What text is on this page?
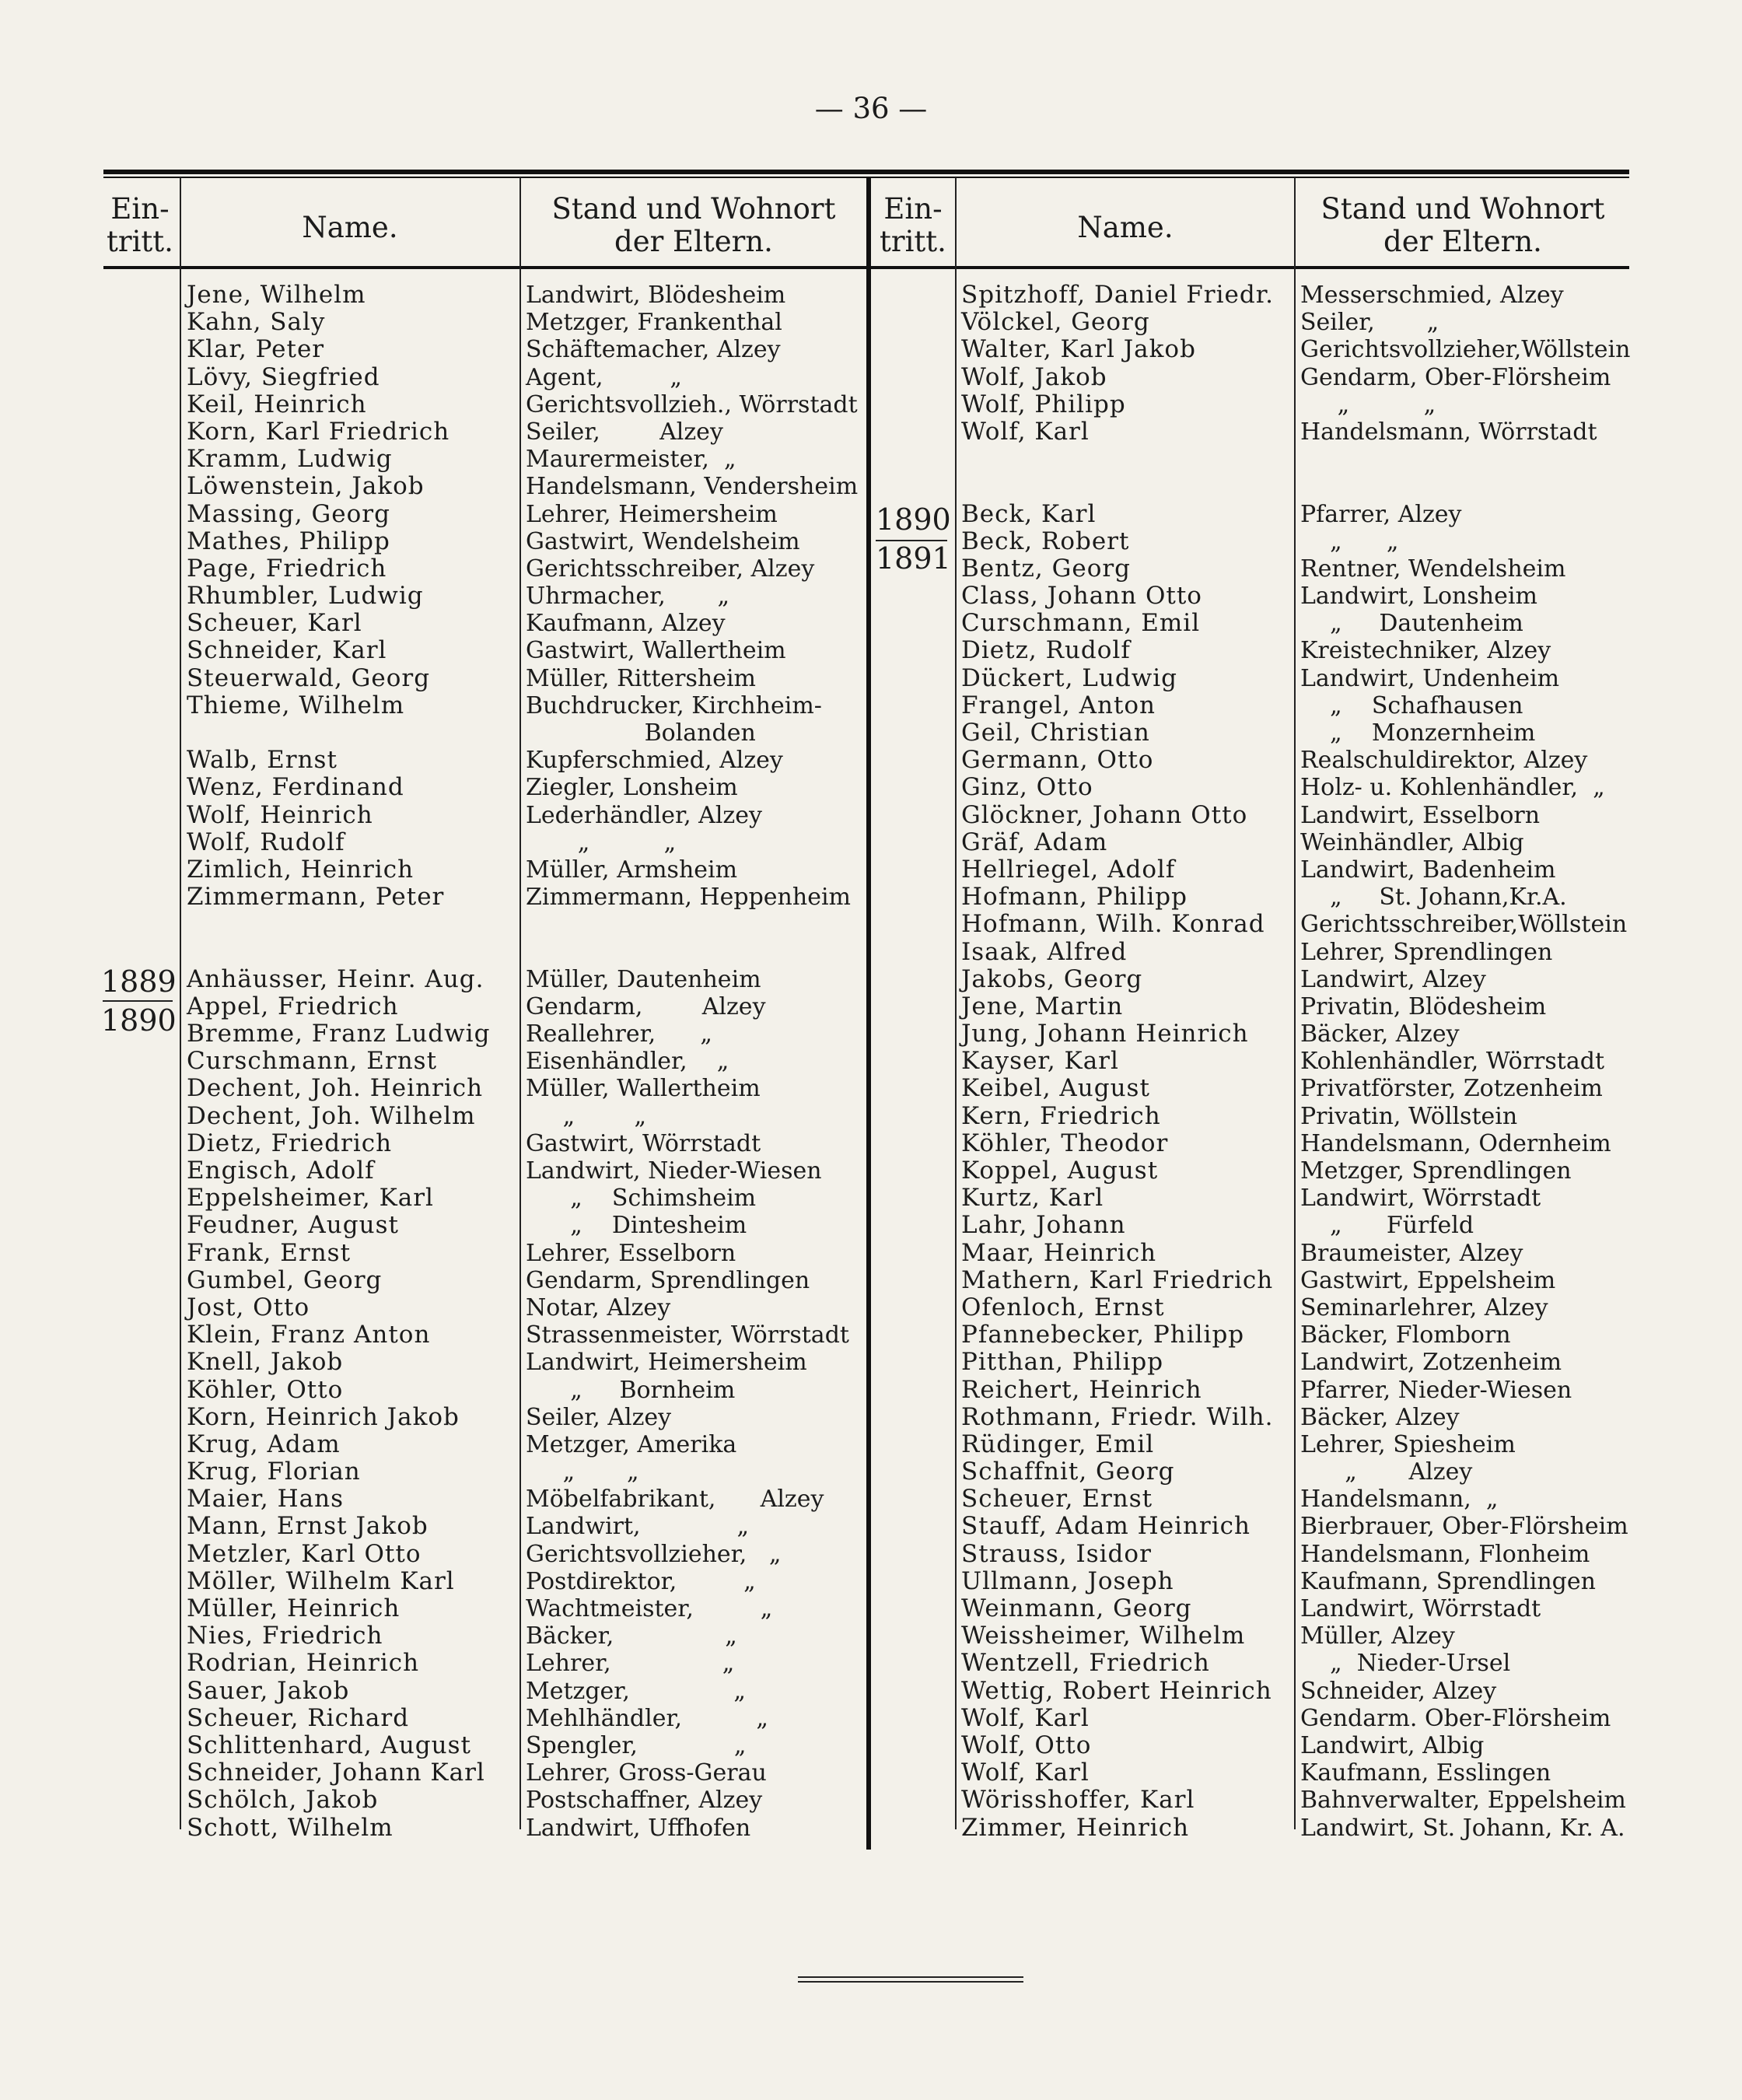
— 36 —
Ein-
tritt.	Name.
Stand und Wohnort
der Eltern.
Ein-
tritt.	Name.
Stand und Wohnort
der Eltern.
1889
1890
1890
1891
Jene, Wilhelm
Kahn, Saly
Klar, Peter
Lövy, Siegfried
Keil, Heinrich
Korn, Karl Friedrich
Kramm, Ludwig
Löwenstein, Jakob
Massing, Georg
Mathes, Philipp
Page, Friedrich
Rhumbler, Ludwig
Scheuer, Karl
Schneider, Karl
Steuerwald, Georg
Thieme, Wilhelm
Walb, Ernst
Wenz, Ferdinand
Wolf, Heinrich
Wolf, Rudolf
Zimlich, Heinrich
Zimmermann, Peter
Anhäusser, Heinr. Aug.
Appel, Friedrich
Bremme, Franz Ludwig
Curschmann, Ernst
Dechent, Joh. Heinrich
Dechent, Joh. Wilhelm
Dietz, Friedrich
Engisch, Adolf
Eppelsheimer, Karl
Feudner, August
Frank, Ernst
Gumbel, Georg
Jost, Otto
Klein, Franz Anton
Knell, Jakob
Köhler, Otto
Korn, Heinrich Jakob
Krug, Adam
Krug, Florian
Maier, Hans
Mann, Ernst Jakob
Metzler, Karl Otto
Möller, Wilhelm Karl
Müller, Heinrich
Nies, Friedrich
Rodrian, Heinrich
Sauer, Jakob
Scheuer, Richard
Schlittenhard, August
Schneider, Johann Karl
Schölch, Jakob
Schott, Wilhelm
Landwirt, Blödesheim
Metzger, Frankenthal
Schäftemacher, Alzey
Agent,         „
Gerichtsvollzieh., Wörrstadt
Seiler,        Alzey
Maurermeister,  „
Handelsmann, Vendersheim
Lehrer, Heimersheim
Gastwirt, Wendelsheim
Gerichtsschreiber, Alzey
Uhrmacher,       „
Kaufmann, Alzey
Gastwirt, Wallertheim
Müller, Rittersheim
Buchdrucker, Kirchheim-
Bolanden
Kupferschmied, Alzey
Ziegler, Lonsheim
Lederhändler, Alzey
„          „
Müller, Armsheim
Zimmermann, Heppenheim
Müller, Dautenheim
Gendarm,        Alzey
Reallehrer,      „
Eisenhändler,    „
Müller, Wallertheim
„        „
Gastwirt, Wörrstadt
Landwirt, Nieder-Wiesen
„    Schimsheim
„    Dintesheim
Lehrer, Esselborn
Gendarm, Sprendlingen
Notar, Alzey
Strassenmeister, Wörrstadt
Landwirt, Heimersheim
„     Bornheim
Seiler, Alzey
Metzger, Amerika
„       „
Möbelfabrikant,      Alzey
Landwirt,             „
Gerichtsvollzieher,   „
Postdirektor,         „
Wachtmeister,         „
Bäcker,               „
Lehrer,               „
Metzger,              „
Mehlhändler,          „
Spengler,             „
Lehrer, Gross-Gerau
Postschaffner, Alzey
Landwirt, Uffhofen
Spitzhoff, Daniel Friedr.
Völckel, Georg
Walter, Karl Jakob
Wolf, Jakob
Wolf, Philipp
Wolf, Karl
Beck, Karl
Beck, Robert
Bentz, Georg
Class, Johann Otto
Curschmann, Emil
Dietz, Rudolf
Dückert, Ludwig
Frangel, Anton
Geil, Christian
Germann, Otto
Ginz, Otto
Glöckner, Johann Otto
Gräf, Adam
Hellriegel, Adolf
Hofmann, Philipp
Hofmann, Wilh. Konrad
Isaak, Alfred
Jakobs, Georg
Jene, Martin
Jung, Johann Heinrich
Kayser, Karl
Keibel, August
Kern, Friedrich
Köhler, Theodor
Koppel, August
Kurtz, Karl
Lahr, Johann
Maar, Heinrich
Mathern, Karl Friedrich
Ofenloch, Ernst
Pfannebecker, Philipp
Pitthan, Philipp
Reichert, Heinrich
Rothmann, Friedr. Wilh.
Rüdinger, Emil
Schaffnit, Georg
Scheuer, Ernst
Stauff, Adam Heinrich
Strauss, Isidor
Ullmann, Joseph
Weinmann, Georg
Weissheimer, Wilhelm
Wentzell, Friedrich
Wettig, Robert Heinrich
Wolf, Karl
Wolf, Otto
Wolf, Karl
Wörisshoffer, Karl
Zimmer, Heinrich
Messerschmied, Alzey
Seiler,       „
Gerichtsvollzieher,Wöllstein
Gendarm, Ober-Flörsheim
„          „
Handelsmann, Wörrstadt
Pfarrer, Alzey
„      „
Rentner, Wendelsheim
Landwirt, Lonsheim
„     Dautenheim
Kreistechniker, Alzey
Landwirt, Undenheim
„    Schafhausen
„    Monzernheim
Realschuldirektor, Alzey
Holz- u. Kohlenhändler,  „
Landwirt, Esselborn
Weinhändler, Albig
Landwirt, Badenheim
„     St. Johann,Kr.A.
Gerichtsschreiber,Wöllstein
Lehrer, Sprendlingen
Landwirt, Alzey
Privatin, Blödesheim
Bäcker, Alzey
Kohlenhändler, Wörrstadt
Privatförster, Zotzenheim
Privatin, Wöllstein
Handelsmann, Odernheim
Metzger, Sprendlingen
Landwirt, Wörrstadt
„      Fürfeld
Braumeister, Alzey
Gastwirt, Eppelsheim
Seminarlehrer, Alzey
Bäcker, Flomborn
Landwirt, Zotzenheim
Pfarrer, Nieder-Wiesen
Bäcker, Alzey
Lehrer, Spiesheim
„       Alzey
Handelsmann,  „
Bierbrauer, Ober-Flörsheim
Handelsmann, Flonheim
Kaufmann, Sprendlingen
Landwirt, Wörrstadt
Müller, Alzey
„  Nieder-Ursel
Schneider, Alzey
Gendarm. Ober-Flörsheim
Landwirt, Albig
Kaufmann, Esslingen
Bahnverwalter, Eppelsheim
Landwirt, St. Johann, Kr. A.
